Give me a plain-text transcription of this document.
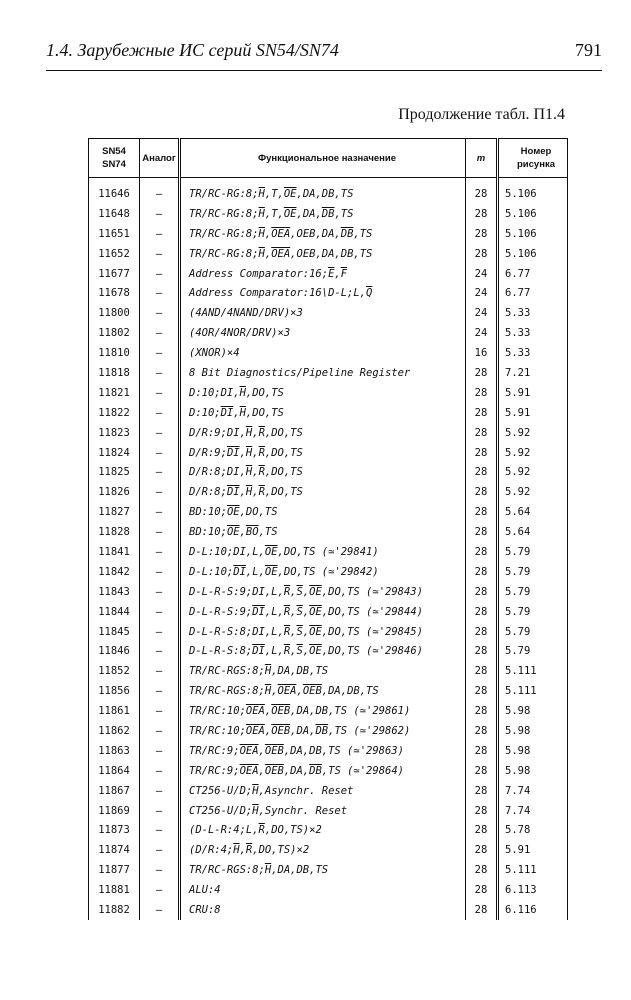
1.4. Зарубежные ИС серий SN54/SN74	791
Продолжение табл. П1.4
SN54
SN74	Аналог	Функциональное назначение	m	Номер
рисунка
11646	–	$TR/RC-RG:8;\overline{H},T,\overline{OE},DA,DB,TS$	28	5.106
11648	–	$TR/RC-RG:8;\overline{H},T,\overline{OE},DA,\overline{DB},TS$	28	5.106
11651	–	$TR/RC-RG:8;\overline{H},\overline{OEA},OEB,DA,\overline{DB},TS$	28	5.106
11652	–	$TR/RC-RG:8;\overline{H},\overline{OEA},OEB,DA,DB,TS$	28	5.106
11677	–	Address $Comparator:16;\overline{E},\overline{F}$	24	6.77
11678	–	Address $Comparator:16\backslash D-L;L,\overline{Q}$	24	6.77
11800	–	(4AND/4NAND/DRV)×3	24	5.33
11802	–	(4OR/4NOR/DRV)×3	24	5.33
11810	–	(XNOR)×4	16	5.33
11818	–	8 Bit Diagnostics/Pipeline Register	28	7.21
11821	–	$D:10;DI,\overline{H},DO,TS$	28	5.91
11822	–	$D:10;\overline{DI},\overline{H},DO,TS$	28	5.91
11823	–	$D/R:9;DI,\overline{H},\overline{R},DO,TS$	28	5.92
11824	–	$D/R:9;\overline{DI},\overline{H},\overline{R},DO,TS$	28	5.92
11825	–	$D/R:8;DI,\overline{H},\overline{R},DO,TS$	28	5.92
11826	–	$D/R:8;\overline{DI},\overline{H},\overline{R},DO,TS$	28	5.92
11827	–	$BD:10;\overline{OE},DO,TS$	28	5.64
11828	–	$BD:10;\overline{OE},\overline{BO},TS$	28	5.64
11841	–	$D-L:10;DI,L,\overline{OE},DO,TS$ (≃'29841)	28	5.79
11842	–	$D-L:10;\overline{DI},L,\overline{OE},DO,TS$ (≃'29842)	28	5.79
11843	–	$D-L-R-S:9;DI,L,\overline{R},\overline{S},\overline{OE},DO,TS$ (≃'29843)	28	5.79
11844	–	$D-L-R-S:9;\overline{DI},L,\overline{R},\overline{S},\overline{OE},DO,TS$ (≃'29844)	28	5.79
11845	–	$D-L-R-S:8;DI,L,\overline{R},\overline{S},\overline{OE},DO,TS$ (≃'29845)	28	5.79
11846	–	$D-L-R-S:8;\overline{DI},L,\overline{R},\overline{S},\overline{OE},DO,TS$ (≃'29846)	28	5.79
11852	–	$TR/RC-RGS:8;\overline{H},DA,DB,TS$	28	5.111
11856	–	$TR/RC-RGS:8;\overline{H},\overline{OEA},\overline{OEB},DA,DB,TS$	28	5.111
11861	–	$TR/RC:10;\overline{OEA},\overline{OEB},DA,DB,TS$ (≃'29861)	28	5.98
11862	–	$TR/RC:10;\overline{OEA},\overline{OEB},DA,\overline{DB},TS$ (≃'29862)	28	5.98
11863	–	$TR/RC:9;\overline{OEA},\overline{OEB},DA,DB,TS$ (≃'29863)	28	5.98
11864	–	$TR/RC:9;\overline{OEA},\overline{OEB},DA,\overline{DB},TS$ (≃'29864)	28	5.98
11867	–	$CT256-U/D;\overline{H},Asynchr$. Reset	28	7.74
11869	–	$CT256-U/D;\overline{H},Synchr$. Reset	28	7.74
11873	–	$(D-L-R:4;L,\overline{R},DO,TS)\times 2$	28	5.78
11874	–	$(D/R:4;\overline{H},\overline{R},DO,TS)\times 2$	28	5.91
11877	–	$TR/RC-RGS:8;\overline{H},DA,DB,TS$	28	5.111
11881	–	ALU:4	28	6.113
11882	–	CRU:8	28	6.116
